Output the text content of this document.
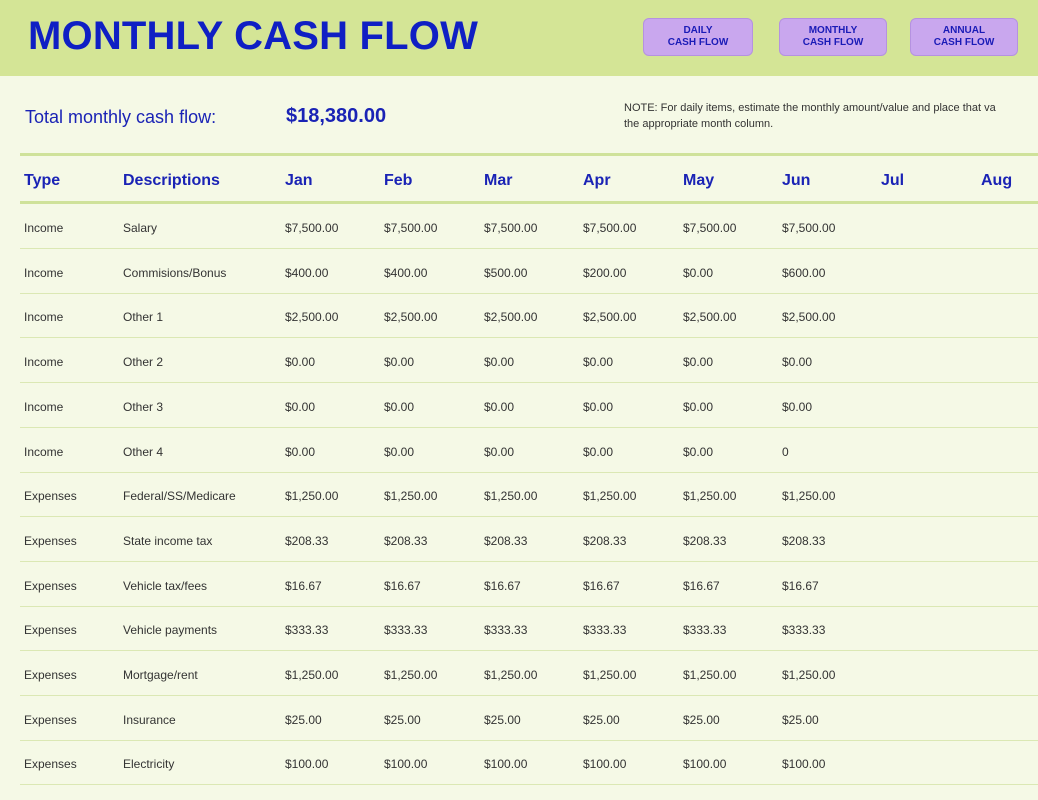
MONTHLY CASH FLOW	DAILY
CASH FLOW
MONTHLY
CASH FLOW
ANNUAL
CASH FLOW
Total monthly cash flow:	$18,380.00	NOTE: For daily items, estimate the monthly amount/value and place that va
the appropriate month column.
Type	Descriptions	Jan	Feb	Mar	Apr	May	Jun	Jul	Aug
Income	Salary	$7,500.00	$7,500.00	$7,500.00	$7,500.00	$7,500.00	$7,500.00
Income	Commisions/Bonus	$400.00	$400.00	$500.00	$200.00	$0.00	$600.00
Income	Other 1	$2,500.00	$2,500.00	$2,500.00	$2,500.00	$2,500.00	$2,500.00
Income	Other 2	$0.00	$0.00	$0.00	$0.00	$0.00	$0.00
Income	Other 3	$0.00	$0.00	$0.00	$0.00	$0.00	$0.00
Income	Other 4	$0.00	$0.00	$0.00	$0.00	$0.00	0
Expenses	Federal/SS/Medicare	$1,250.00	$1,250.00	$1,250.00	$1,250.00	$1,250.00	$1,250.00
Expenses	State income tax	$208.33	$208.33	$208.33	$208.33	$208.33	$208.33
Expenses	Vehicle tax/fees	$16.67	$16.67	$16.67	$16.67	$16.67	$16.67
Expenses	Vehicle payments	$333.33	$333.33	$333.33	$333.33	$333.33	$333.33
Expenses	Mortgage/rent	$1,250.00	$1,250.00	$1,250.00	$1,250.00	$1,250.00	$1,250.00
Expenses	Insurance	$25.00	$25.00	$25.00	$25.00	$25.00	$25.00
Expenses	Electricity	$100.00	$100.00	$100.00	$100.00	$100.00	$100.00
